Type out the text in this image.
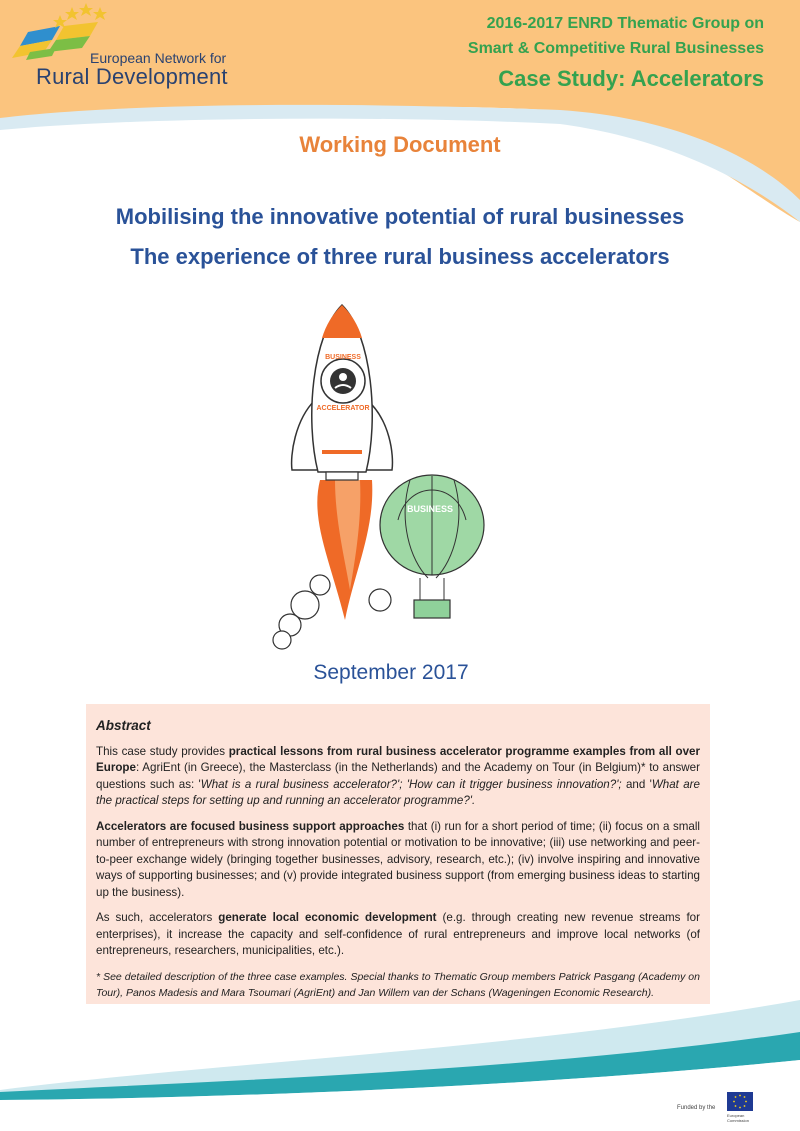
BUSINESS
ACCELERATOR
BUSINESS
European Network for
Rural Development
2016-2017 ENRD Thematic Group on
Smart & Competitive Rural Businesses
Case Study: Accelerators
Working Document
Mobilising the innovative potential of rural businesses
The experience of three rural business accelerators
September 2017
Abstract

This case study provides practical lessons from rural business accelerator programme examples from all over Europe: AgriEnt (in Greece), the Masterclass (in the Netherlands) and the Academy on Tour (in Belgium)* to answer questions such as: 'What is a rural business accelerator?'; 'How can it trigger business innovation?'; and 'What are the practical steps for setting up and running an accelerator programme?'.

Accelerators are focused business support approaches that (i) run for a short period of time; (ii) focus on a small number of entrepreneurs with strong innovation potential or motivation to be innovative; (iii) use networking and peer-to-peer exchange widely (bringing together businesses, advisory, research, etc.); (iv) involve inspiring and innovative ways of supporting businesses; and (v) provide integrated business support (from emerging business ideas to starting up the business).

As such, accelerators generate local economic development (e.g. through creating new revenue streams for enterprises), it increase the capacity and self-confidence of rural entrepreneurs and improve local networks (of entrepreneurs, researchers, municipalities, etc.).

* See detailed description of the three case examples. Special thanks to Thematic Group members Patrick Pasgang (Academy on Tour), Panos Madesis and Mara Tsoumari (AgriEnt) and Jan Willem van der Schans (Wageningen Economic Research).

Funded by the
European Commission
